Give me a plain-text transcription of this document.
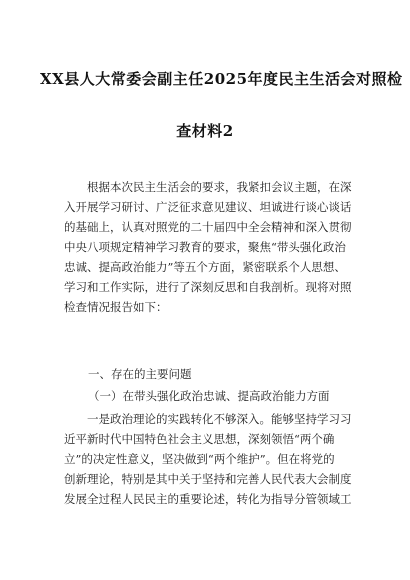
XX县人大常委会副主任2025年度民主生活会对照检
查材料2
根据本次民主生活会的要求，我紧扣会议主题，在深
入开展学习研讨、广泛征求意见建议、坦诚进行谈心谈话
的基础上，认真对照党的二十届四中全会精神和深入贯彻
中央八项规定精神学习教育的要求，聚焦“带头强化政治
忠诚、提高政治能力”等五个方面，紧密联系个人思想、
学习和工作实际，进行了深刻反思和自我剖析。现将对照
检查情况报告如下：
一、存在的主要问题
（一）在带头强化政治忠诚、提高政治能力方面
一是政治理论的实践转化不够深入。能够坚持学习习
近平新时代中国特色社会主义思想，深刻领悟“两个确
立”的决定性意义，坚决做到“两个维护”。但在将党的
创新理论，特别是其中关于坚持和完善人民代表大会制度
发展全过程人民民主的重要论述，转化为指导分管领域工
